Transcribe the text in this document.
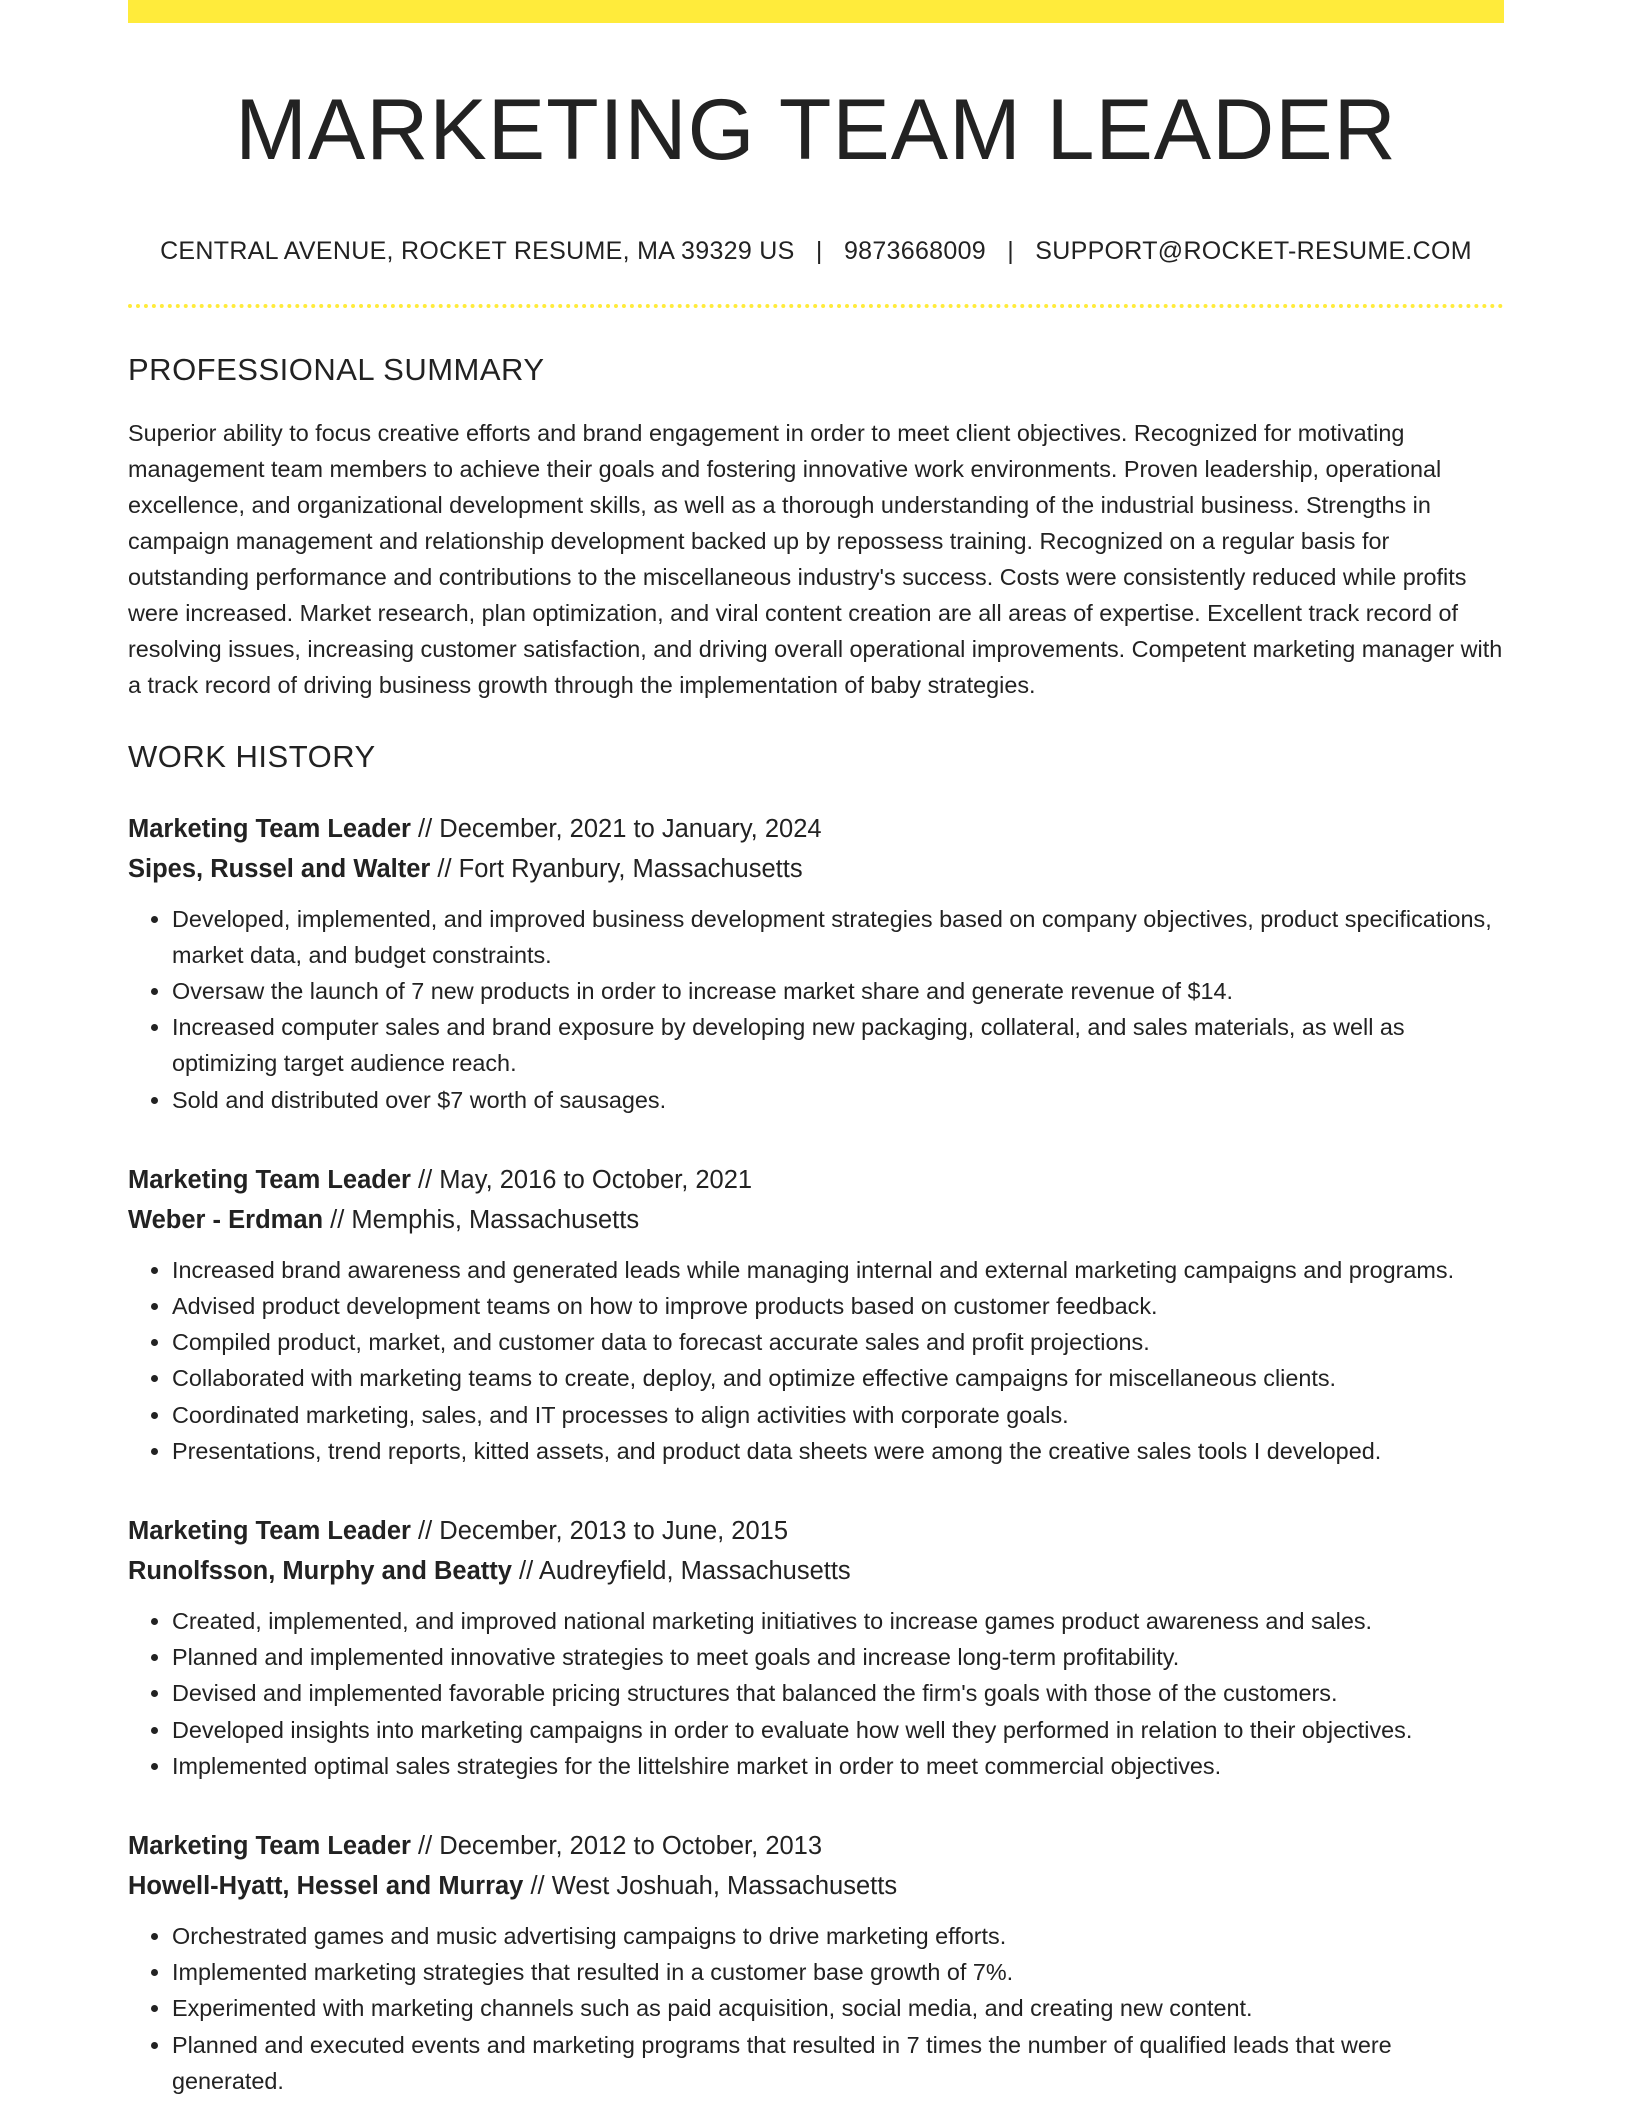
MARKETING TEAM LEADER
CENTRAL AVENUE, ROCKET RESUME, MA 39329 US | 9873668009 | SUPPORT@ROCKET-RESUME.COM
PROFESSIONAL SUMMARY
Superior ability to focus creative efforts and brand engagement in order to meet client objectives. Recognized for motivating management team members to achieve their goals and fostering innovative work environments. Proven leadership, operational excellence, and organizational development skills, as well as a thorough understanding of the industrial business. Strengths in campaign management and relationship development backed up by repossess training. Recognized on a regular basis for outstanding performance and contributions to the miscellaneous industry's success. Costs were consistently reduced while profits were increased. Market research, plan optimization, and viral content creation are all areas of expertise. Excellent track record of resolving issues, increasing customer satisfaction, and driving overall operational improvements. Competent marketing manager with a track record of driving business growth through the implementation of baby strategies.
WORK HISTORY
Marketing Team Leader // December, 2021 to January, 2024
Sipes, Russel and Walter // Fort Ryanbury, Massachusetts
• Developed, implemented, and improved business development strategies based on company objectives, product specifications, market data, and budget constraints.
• Oversaw the launch of 7 new products in order to increase market share and generate revenue of $14.
• Increased computer sales and brand exposure by developing new packaging, collateral, and sales materials, as well as optimizing target audience reach.
• Sold and distributed over $7 worth of sausages.
Marketing Team Leader // May, 2016 to October, 2021
Weber - Erdman // Memphis, Massachusetts
• Increased brand awareness and generated leads while managing internal and external marketing campaigns and programs.
• Advised product development teams on how to improve products based on customer feedback.
• Compiled product, market, and customer data to forecast accurate sales and profit projections.
• Collaborated with marketing teams to create, deploy, and optimize effective campaigns for miscellaneous clients.
• Coordinated marketing, sales, and IT processes to align activities with corporate goals.
• Presentations, trend reports, kitted assets, and product data sheets were among the creative sales tools I developed.
Marketing Team Leader // December, 2013 to June, 2015
Runolfsson, Murphy and Beatty // Audreyfield, Massachusetts
• Created, implemented, and improved national marketing initiatives to increase games product awareness and sales.
• Planned and implemented innovative strategies to meet goals and increase long-term profitability.
• Devised and implemented favorable pricing structures that balanced the firm's goals with those of the customers.
• Developed insights into marketing campaigns in order to evaluate how well they performed in relation to their objectives.
• Implemented optimal sales strategies for the littelshire market in order to meet commercial objectives.
Marketing Team Leader // December, 2012 to October, 2013
Howell-Hyatt, Hessel and Murray // West Joshuah, Massachusetts
• Orchestrated games and music advertising campaigns to drive marketing efforts.
• Implemented marketing strategies that resulted in a customer base growth of 7%.
• Experimented with marketing channels such as paid acquisition, social media, and creating new content.
• Planned and executed events and marketing programs that resulted in 7 times the number of qualified leads that were generated.
